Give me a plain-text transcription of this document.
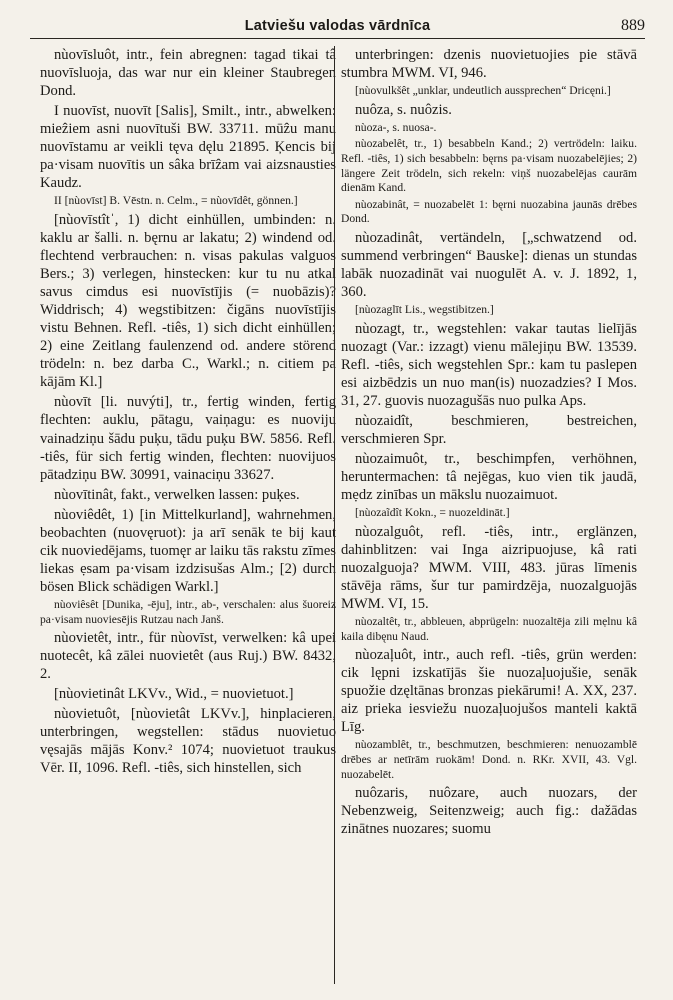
Latviešu valodas vārdnīca	889

nùovīsluôt, intr., fein abregnen: tagad tikai tâ nuovīsluoja, das war nur ein kleiner Staubregen Dond.

I nuovīst, nuovīt [Salis], Smilt., intr., abwelken: mieẑiem asni nuovītuši BW. 33711. mūẑu manu nuovīstamu ar veikli tęva dęlu 21895. Ķencis bij pa·visam nuovītis un sâka brīẑam vai aizsnausties Kaudz.

II [nùovīst] B. Vēstn. n. Celm., = nùovīdêt, gönnen.]

[nùovīstîtˈ, 1) dicht einhüllen, umbinden: n. kaklu ar šalli. n. bęrnu ar lakatu; 2) windend od. flechtend verbrauchen: n. visas pakulas valguos Bers.; 3) verlegen, hinstecken: kur tu nu atkal savus cimdus esi nuovīstījis (= nuobāzis)? Widdrisch; 4) wegstibitzen: čigāns nuovīstījis vistu Behnen. Refl. -tiês, 1) sich dicht einhüllen; 2) eine Zeitlang faulenzend od. andere störend trödeln: n. bez darba C., Warkl.; n. citiem pa kājām Kl.]

nùovīt [li. nuvýti], tr., fertig winden, fertig flechten: auklu, pātagu, vaiņagu: es nuoviju vainadziņu šādu puķu, tādu puķu BW. 5856. Refl. -tiês, für sich fertig winden, flechten: nuovijuos pātadziņu BW. 30991, vainaciņu 33627.

nùovītinât, fakt., verwelken lassen: puķes.

nùoviêdêt, 1) [in Mittelkurland], wahrnehmen, beobachten (nuovęruot): ja arī senāk te bij kaut cik nuoviedējams, tuomęr ar laiku tās rakstu zīmes liekas ẹsam pa·visam izdzisušas Alm.; [2) durch bösen Blick schädigen Warkl.]

nùoviêsêt [Dunika, -ēju], intr., ab-, verschalen: alus šuoreiz pa·visam nuoviesējis Rutzau nach Janš.

nùovietêt, intr., für nùovīst, verwelken: kâ upei nuotecêt, kâ zālei nuovietêt (aus Ruj.) BW. 8432, 2.

[nùovietinât LKVv., Wid., = nuovietuot.]

nùovietuôt, [nùovietât LKVv.], hinplacieren, unterbringen, wegstellen: stādus nuovietuo vęsajās mājās Konv.² 1074; nuovietuot traukus Vēr. II, 1096. Refl. -tiês, sich hinstellen, sich

unterbringen: dzenis nuovietuojies pie stāvā stumbra MWM. VI, 946.

[nùovulkšêt „unklar, undeutlich aussprechen“ Dricęni.]

nuôza, s. nuôzis.

nùoza-, s. nuosa-.

nùozabelêt, tr., 1) besabbeln Kand.; 2) vertrödeln: laiku. Refl. -tiês, 1) sich besabbeln: bęrns pa·visam nuozabelējies; 2) längere Zeit trödeln, sich rekeln: viņš nuozabelējas caurām dienām Kand.

nùozabinât, = nuozabelēt 1: bęrni nuozabina jaunās drēbes Dond.

nùozadinât, vertändeln, [„schwatzend od. summend verbringen“ Bauske]: dienas un stundas labāk nuozadināt vai nuogulēt A. v. J. 1892, 1, 360.

[nùozaglīt Lis., wegstibitzen.]

nùozagt, tr., wegstehlen: vakar tautas lielījās nuozagt (Var.: izzagt) vienu mālejiņu BW. 13539. Refl. -tiês, sich wegstehlen Spr.: kam tu paslepen esi aizbēdzis un nuo man(is) nuozadzies? I Mos. 31, 27. guovis nuozagušās nuo pulka Aps.

nùozaidît, beschmieren, bestreichen, verschmieren Spr.

nùozaimuôt, tr., beschimpfen, verhöhnen, heruntermachen: tâ nejēgas, kuo vien tik jaudā, mẹdz zinības un mākslu nuozaimuot.

[nùozaĩdît Kokn., = nuozeldināt.]

nùozalguôt, refl. -tiês, intr., erglänzen, dahinblitzen: vai Inga aizripuojuse, kâ rati nuozalguoja? MWM. VIII, 483. jūras līmenis stāvēja rāms, šur tur pamirdzēja, nuozalguojās MWM. VI, 15.

nùozaltêt, tr., abbleuen, abprügeln: nuozaltēja zili mẹlnu kâ kaila dibęnu Naud.

nùozaļuôt, intr., auch refl. -tiês, grün werden: cik lęрni izskatījās šie nuozaļuojušie, senāk spuožie dzęltānas bronzas piekārumi! A. XX, 237. aiz prieka iesviežu nuozaļuojušos manteli kaktā Līg.

nùozamblêt, tr., beschmutzen, beschmieren: nenuozamblē drēbes ar netīrām ruokām! Dond. n. RKr. XVII, 43. Vgl. nuozabelēt.

nuôzaris, nuôzare, auch nuozars, der Nebenzweig, Seitenzweig; auch fig.: dažādas zinātnes nuozares; suomu
